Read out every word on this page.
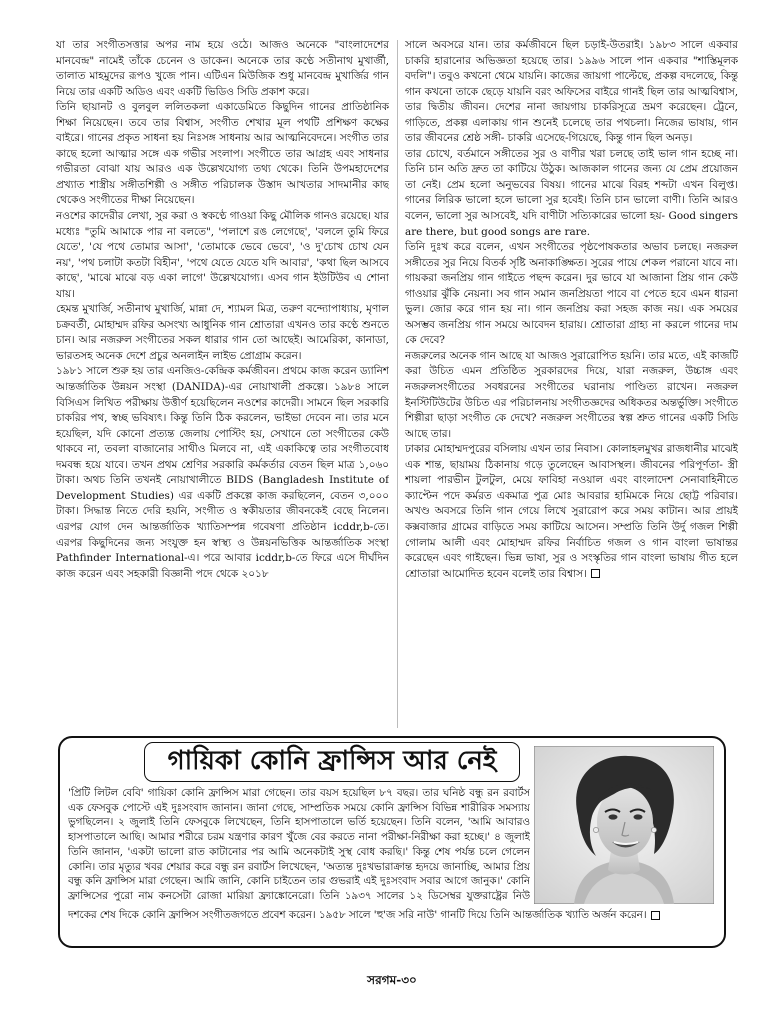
যা তার সংগীতসত্তার অপর নাম হয়ে ওঠে। আজও অনেকে "বাংলাদেশের মানবেন্দ্র" নামেই তাঁকে চেনেন ও ডাকেন। অনেকে তার কণ্ঠে সতীনাথ মুখার্জী, তালাত মাহমুদের রূপও খুজে পান। এটিএন মিউজিক শুধু মানবেন্দ্র মুখার্জির গান নিয়ে তার একটি অডিও এবং একটি ভিডিও সিডি প্রকাশ করে।

তিনি ছায়ানট ও বুলবুল ললিতকলা একাডেমিতে কিছুদিন গানের প্রাতিষ্ঠানিক শিক্ষা নিয়েছেন। তবে তার বিশ্বাস, সংগীত শেখার মূল পথটি প্রশিক্ষণ কক্ষের বাইরে। গানের প্রকৃত সাধনা হয় নিঃসঙ্গ সাধনায় আর আত্মনিবেদনে। সংগীত তার কাছে হলো আত্মার সঙ্গে এক গভীর সংলাপ। সংগীতে তার আগ্রহ এবং সাধনার গভীরতা বোঝা যায় আরও এক উল্লেখযোগ্য তথ্য থেকে। তিনি উপমহাদেশের প্রখ্যাত শাস্ত্রীয় সঙ্গীতশিল্পী ও সঙ্গীত পরিচালক উস্তাদ আখতার সাদমানীর কাছ থেকেও সংগীতের দীক্ষা নিয়েছেন।

নওশের কাদেরীর লেখা, সুর করা ও স্বকণ্ঠে গাওয়া কিছু মৌলিক গানও রয়েছে। যার মধ্যেঃ "তুমি আমাকে পার না বলতে", 'পলাশে রঙ লেগেছে', 'বললে তুমি ফিরে যেতে', 'যে পথে তোমার আসা', 'তোমাকে ভেবে ভেবে', 'ও দু'চোখ চোখ যেন নয়', 'পথ চলাটা কতটা বিহীন', 'পথে যেতে যেতে যদি আবার', 'কথা ছিল আসবে কাছে', 'মাঝে মাঝে বড় একা লাগে' উল্লেখযোগ্য। এসব গান ইউটিউব এ শোনা যায়।

হেমন্ত মুখার্জি, সতীনাথ মুখার্জি, মান্না দে, শ্যামল মিত্র, তরুণ বন্দ্যোপাধ্যায়, মৃণাল চক্রবর্তী, মোহাম্মদ রফির অসংখ্য আধুনিক গান শ্রোতারা এখনও তার কণ্ঠে শুনতে চান। আর নজরুল সংগীতের সকল ধারার গান তো আছেই। আমেরিকা, কানাডা, ভারতসহ অনেক দেশে প্রচুর অনলাইন লাইভ প্রোগ্রাম করেন।

১৯৮১ সালে শুরু হয় তার এনজিও-কেন্দ্রিক কর্মজীবন। প্রথমে কাজ করেন ড্যানিশ আন্তর্জাতিক উন্নয়ন সংস্থা (DANIDA)-এর নোয়াখালী প্রকল্পে। ১৯৮৪ সালে বিসিএস লিখিত পরীক্ষায় উত্তীর্ণ হয়েছিলেন নওশের কাদেরী। সামনে ছিল সরকারি চাকরির পথ, স্বচ্ছ ভবিষ্যৎ। কিন্তু তিনি ঠিক করলেন, ভাইভা দেবেন না। তার মনে হয়েছিল, যদি কোনো প্রত্যন্ত জেলায় পোস্টিং হয়, সেখানে তো সংগীতের কেউ থাকবে না, তবলা বাজানোর সাথীও মিলবে না, এই একাকিত্বে তার সংগীতবোধ দমবন্ধ হয়ে যাবে। তখন প্রথম শ্রেণির সরকারি কর্মকর্তার বেতন ছিল মাত্র ১,০৬০ টাকা। অথচ তিনি তখনই নোয়াখালীতে BIDS (Bangladesh Institute of Development Studies) এর একটি প্রকল্পে কাজ করছিলেন, বেতন ৩,০০০ টাকা। সিদ্ধান্ত নিতে দেরি হয়নি, সংগীত ও স্বকীয়তার জীবনকেই বেছে নিলেন। এরপর যোগ দেন আন্তর্জাতিক খ্যাতিসম্পন্ন গবেষণা প্রতিষ্ঠান icddr,b-তে। এরপর কিছুদিনের জন্য সংযুক্ত হন স্বাস্থ্য ও উন্নয়নভিত্তিক আন্তর্জাতিক সংস্থা Pathfinder International-এ। পরে আবার icddr,b-তে ফিরে এসে দীর্ঘদিন কাজ করেন এবং সহকারী বিজ্ঞানী পদে থেকে ২০১৮

সালে অবসরে যান। তার কর্মজীবনে ছিল চড়াই-উতরাই। ১৯৮৩ সালে একবার চাকরি হারানোর অভিজ্ঞতা হয়েছে তার। ১৯৯৬ সালে পান একবার "শাস্তিমূলক বদলি"। তবুও কখনো থেমে যায়নি। কাজের জায়গা পাল্টেছে, প্রকল্প বদলেছে, কিন্তু গান কখনো তাকে ছেড়ে যায়নি বরং অফিসের বাইরে গানই ছিল তার আত্মবিশ্বাস, তার দ্বিতীয় জীবন। দেশের নানা জায়গায় চাকরিসূত্রে ভ্রমণ করেছেন। ট্রেনে, গাড়িতে, প্রকল্প এলাকায় গান শুনেই চলেছে তার পথচলা। নিজের ভাষায়, গান তার জীবনের শ্রেষ্ঠ সঙ্গী- চাকরি এসেছে-গিয়েছে, কিন্তু গান ছিল অনড়।

তার চোখে, বর্তমানে সঙ্গীতের সুর ও বাণীর খরা চলছে তাই ভাল গান হচ্ছে না। তিনি চান অতি দ্রুত তা কাটিয়ে উঠুক। আজকাল গানের জন্য যে প্রেম প্রয়োজন তা নেই। প্রেম হলো অনুভবের বিষয়। গানের মাঝে বিরহ শব্দটা এখন বিলুপ্ত। গানের লিরিক ভালো হলে ভালো সুর হবেই। তিনি চান ভালো বাণী। তিনি আরও বলেন, ভালো সুর আসবেই, যদি বাণীটা সত্যিকারের ভালো হয়- Good singers are there, but good songs are rare.

তিনি দুঃখ করে বলেন, এখন সংগীতের পৃষ্ঠপোষকতার অভাব চলছে। নজরুল সঙ্গীতের সুর নিয়ে বিতর্ক সৃষ্টি অনাকাঙ্ক্ষিত। সুরের পায়ে শেকল পরানো যাবে না। গায়করা জনপ্রিয় গান গাইতে পছন্দ করেন। দুর ভাবে যা আজানা প্রিয় গান কেউ গাওয়ার ঝুঁকি নেয়না। সব গান সমান জনপ্রিয়তা পাবে বা পেতে হবে এমন ধারনা ভুল। জোর করে গান হয় না। গান জনপ্রিয় করা সহজ কাজ নয়। এক সময়ের অসম্ভব জনপ্রিয় গান সময়ে আবেদন হারায়। শ্রোতারা গ্রাহ্য না করলে গানের দাম কে দেবে?

নজরুলের অনেক গান আছে যা আজও সুরারোপিত হয়নি। তার মতে, এই কাজটি করা উচিত এমন প্রতিষ্ঠিত সুরকারদের দিয়ে, যারা নজরুল, উচ্চাঙ্গ এবং নজরুলসংগীতের সবধরনের সংগীতের ঘরানায় পাণ্ডিত্য রাখেন। নজরুল ইনস্টিটিউটের উচিত এর পরিচালনায় সংগীতজ্ঞদের অধিকতর অন্তর্ভুক্তি। সংগীতে শিল্পীরা ছাড়া সংগীত কে দেখে? নজরুল সংগীতের স্বল্প শ্রুত গানের একটি সিডি আছে তার।

ঢাকার মোহাম্মদপুরের বসিলায় এখন তার নিবাস। কোলাহলমুখর রাজধানীর মাঝেই এক শান্ত, ছায়াময় ঠিকানায় গড়ে তুলেছেন আবাসস্থল। জীবনের পরিপূর্ণতা- স্ত্রী শায়লা পারভীন টুলটুল, মেয়ে ফাবিহা নওয়াল এবং বাংলাদেশ সেনাবাহিনীতে ক্যাপ্টেন পদে কর্মরত একমাত্র পুত্র মোঃ আবরার হামিমকে নিয়ে ছোট্ট পরিবার। অখণ্ড অবসরে তিনি গান গেয়ে লিখে সুরারোপ করে সময় কাটান। আর প্রায়ই কক্সবাজার গ্রামের বাড়িতে সময় কাটিয়ে আসেন। সম্প্রতি তিনি উর্দু গজল শিল্পী গোলাম আলী এবং মোহাম্মদ রফির নির্বাচিত গজল ও গান বাংলা ভাষান্তর করেছেন এবং গাইছেন। ভিন্ন ভাষা, সুর ও সংস্কৃতির গান বাংলা ভাষায় গীত হলে শ্রোতারা আমোদিত হবেন বলেই তার বিশ্বাস।

গায়িকা কোনি ফ্রান্সিস আর নেই
'প্রিটি লিটল বেবি' গায়িকা কোনি ফ্রান্সিস মারা গেছেন। তার বয়স হয়েছিল ৮৭ বছর। তার ঘনিষ্ঠ বন্ধু রন রবার্টস এক ফেসবুক পোস্টে এই দুঃসংবাদ জানান। জানা গেছে, সাম্প্রতিক সময়ে কোনি ফ্রান্সিস বিভিন্ন শারীরিক সমস্যায় ভুগছিলেন। ২ জুলাই তিনি ফেসবুকে লিখেছেন, তিনি হাসপাতালে ভর্তি হয়েছেন। তিনি বলেন, 'আমি আবারও হাসপাতালে আছি। আমার শরীরে চরম যন্ত্রণার কারণ খুঁজে বের করতে নানা পরীক্ষা-নিরীক্ষা করা হচ্ছে।' ৪ জুলাই তিনি জানান, 'একটা ভালো রাত কাটানোর পর আমি অনেকটাই সুস্থ বোধ করছি।' কিন্তু শেষ পর্যন্ত চলে গেলেন কোনি। তার মৃত্যুর খবর শেয়ার করে বন্ধু রন রবার্টস লিখেছেন, 'অত্যন্ত দুঃখভারাক্রান্ত হৃদয়ে জানাচ্ছি, আমার প্রিয় বন্ধু কনি ফ্রান্সিস মারা গেছেন। আমি জানি, কোনি চাইতেন তার গুভরাই এই দুঃসংবাদ সবার আগে জানুক।' কোনি ফ্রান্সিসের পুরো নাম কনসেটা রোজা মারিয়া ফ্র্যাঙ্কোনেরো। তিনি ১৯৩৭ সালের ১২ ডিসেম্বর যুক্তরাষ্ট্রের নিউ
দশকের শেষ দিকে কোনি ফ্রান্সিস সংগীতজগতে প্রবেশ করেন। ১৯৫৮ সালে 'হু'জ সরি নাউ' গানটি দিয়ে তিনি আন্তর্জাতিক খ্যাতি অর্জন করেন।
সরগম-৩০
